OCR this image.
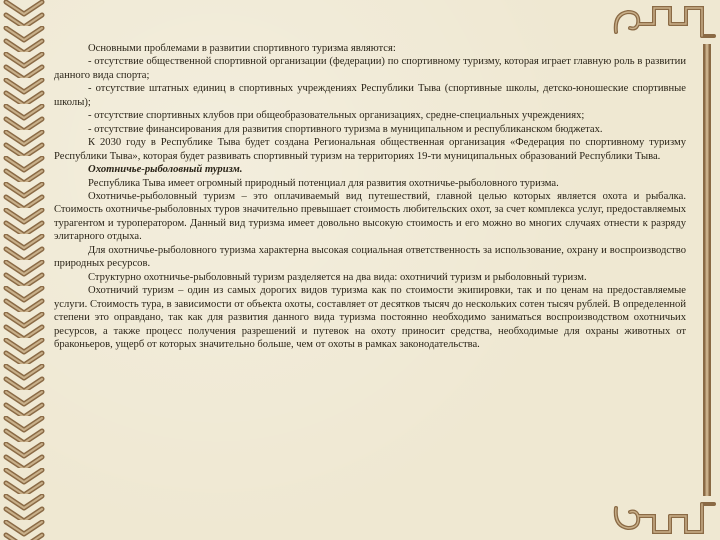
Основными проблемами в развитии спортивного туризма являются:

- отсутствие общественной спортивной организации (федерации) по спортивному туризму, которая играет главную роль в развитии данного вида спорта;

- отсутствие штатных единиц в спортивных учреждениях Республики Тыва (спортивные школы, детско-юношеские спортивные школы);

- отсутствие спортивных клубов при общеобразовательных организациях, средне-специальных учреждениях;

- отсутствие финансирования для развития спортивного туризма в муниципальном и республиканском бюджетах.

К 2030 году в Республике Тыва будет создана Региональная общественная организация «Федерация по спортивному туризму Республики Тыва», которая будет развивать спортивный туризм на территориях 19-ти муниципальных образований Республики Тыва.

Охотничье-рыболовный туризм.

Республика Тыва имеет огромный природный потенциал для развития охотничье-рыболовного туризма.

Охотничье-рыболовный туризм – это оплачиваемый вид путешествий, главной целью которых является охота и рыбалка. Стоимость охотничье-рыболовных туров значительно превышает стоимость любительских охот, за счет комплекса услуг, предоставляемых турагентом и туроператором. Данный вид туризма имеет довольно высокую стоимость и его можно во многих случаях отнести к разряду элитарного отдыха.

Для охотничье-рыболовного туризма характерна высокая социальная ответственность за использование, охрану и воспроизводство природных ресурсов.

Структурно охотничье-рыболовный туризм разделяется на два вида: охотничий туризм и рыболовный туризм.

Охотничий туризм – один из самых дорогих видов туризма как по стоимости экипировки, так и по ценам на предоставляемые услуги. Стоимость тура, в зависимости от объекта охоты, составляет от десятков тысяч до нескольких сотен тысяч рублей. В определенной степени это оправдано, так как для развития данного вида туризма постоянно необходимо заниматься воспроизводством охотничьих ресурсов, а также процесс получения разрешений и путевок на охоту приносит средства, необходимые для охраны животных от браконьеров, ущерб от которых значительно больше, чем от охоты в рамках законодательства.
